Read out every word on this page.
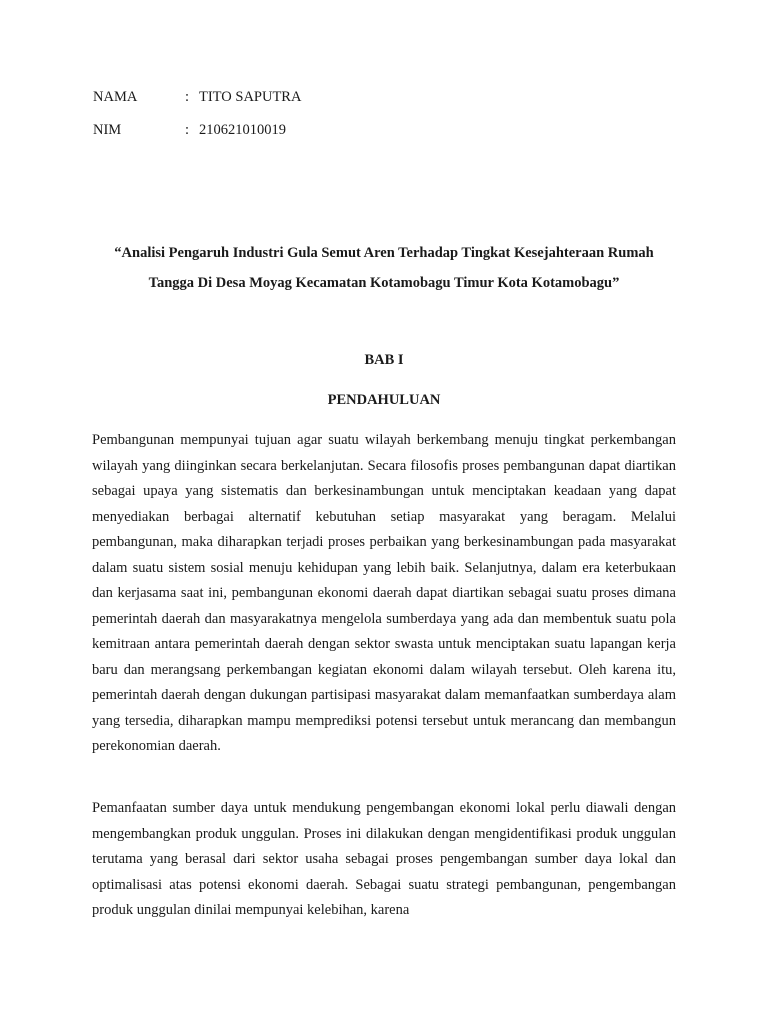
NAMA	: TITO SAPUTRA
NIM	: 210621010019
“Analisi Pengaruh Industri Gula Semut Aren Terhadap Tingkat Kesejahteraan Rumah Tangga Di Desa Moyag Kecamatan Kotamobagu Timur Kota Kotamobagu”
BAB I
PENDAHULUAN

Pembangunan mempunyai tujuan agar suatu wilayah berkembang menuju tingkat perkembangan wilayah yang diinginkan secara berkelanjutan. Secara filosofis proses pembangunan dapat diartikan sebagai upaya yang sistematis dan berkesinambungan untuk menciptakan keadaan yang dapat menyediakan berbagai alternatif kebutuhan setiap masyarakat yang beragam. Melalui pembangunan, maka diharapkan terjadi proses perbaikan yang berkesinambungan pada masyarakat dalam suatu sistem sosial menuju kehidupan yang lebih baik. Selanjutnya, dalam era keterbukaan dan kerjasama saat ini, pembangunan ekonomi daerah dapat diartikan sebagai suatu proses dimana pemerintah daerah dan masyarakatnya mengelola sumberdaya yang ada dan membentuk suatu pola kemitraan antara pemerintah daerah dengan sektor swasta untuk menciptakan suatu lapangan kerja baru dan merangsang perkembangan kegiatan ekonomi dalam wilayah tersebut. Oleh karena itu, pemerintah daerah dengan dukungan partisipasi masyarakat dalam memanfaatkan sumberdaya alam yang tersedia, diharapkan mampu memprediksi potensi tersebut untuk merancang dan membangun perekonomian daerah.

Pemanfaatan sumber daya untuk mendukung pengembangan ekonomi lokal perlu diawali dengan mengembangkan produk unggulan. Proses ini dilakukan dengan mengidentifikasi produk unggulan terutama yang berasal dari sektor usaha sebagai proses pengembangan sumber daya lokal dan optimalisasi atas potensi ekonomi daerah. Sebagai suatu strategi pembangunan, pengembangan produk unggulan dinilai mempunyai kelebihan, karena
